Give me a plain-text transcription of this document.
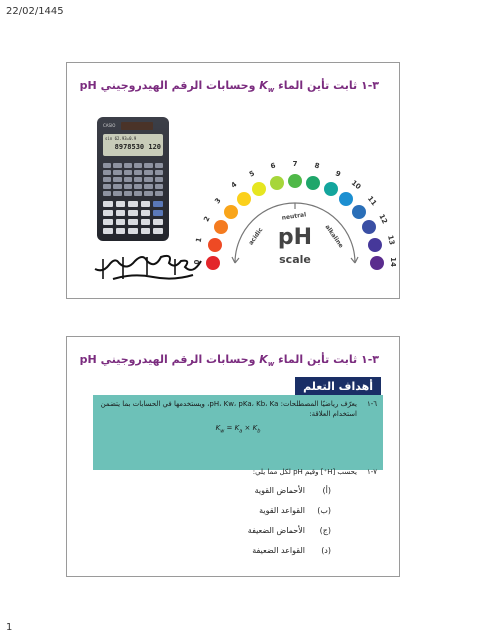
22/02/1445
٣-١ ثابت تأين الماء $K_w$ وحسابات الرقم الهيدروجيني pH
CASIO
sin 62.93=0.9
8978530 120
pH
scale
neutral
acidic	alkaline
0
1
2
3
4
5
6	7	8
9
10
11
12
13
14
٣-١ ثابت تأين الماء $K_w$ وحسابات الرقم الهيدروجيني pH
أهداف التعلم
٦-١
يعرّف رياضيًا المصطلحات: pH، Kw، pKa، Kb، Ka، ويستخدمها في الحسابات بما يتضمن استخدام العلاقة:
$K_w = K_a \times K_b$
٧-١
يحسب [H⁺] وقيم pH لكل مما يلي:
(أ)
الأحماض القوية
(ب)
القواعد القوية
(ج)
الأحماض الضعيفة
(د)
القواعد الضعيفة
1
